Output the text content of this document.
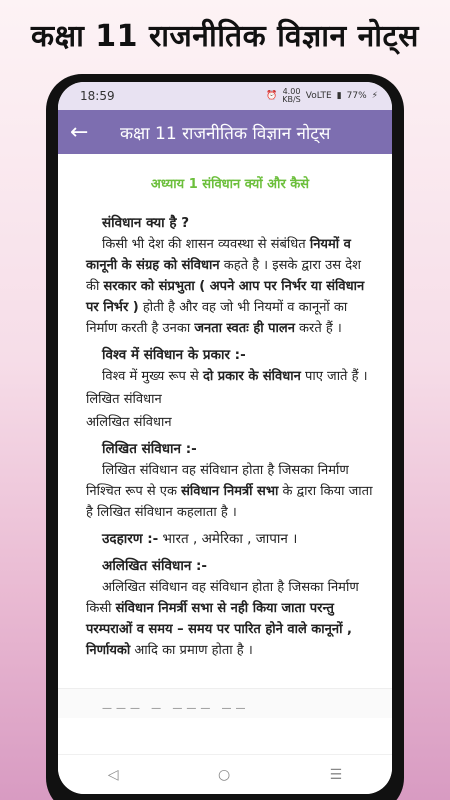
कक्षा 11 राजनीतिक विज्ञान नोट्स
18:59	⏰ 4.00
KB/S VoLTE ▮ 77% ⚡
←	कक्षा 11 राजनीतिक विज्ञान नोट्स
अध्याय 1 संविधान क्यों और कैसे
संविधान क्या है ?
किसी भी देश की शासन व्यवस्था से संबंधित नियमों व कानूनी के संग्रह को संविधान कहते है । इसके द्वारा उस देश की सरकार को संप्रभुता ( अपने आप पर निर्भर या संविधान पर निर्भर ) होती है और वह जो भी नियमों व कानूनों का निर्माण करती है उनका जनता स्वतः ही पालन करते हैं ।
विश्व में संविधान के प्रकार :-
विश्व में मुख्य रूप से दो प्रकार के संविधान पाए जाते हैं ।
लिखित संविधान
अलिखित संविधान
लिखित संविधान :-
लिखित संविधान वह संविधान होता है जिसका निर्माण निश्चित रूप से एक संविधान निमर्त्री सभा के द्वारा किया जाता है लिखित संविधान कहलाता है ।
उदहारण :- भारत , अमेरिका , जापान ।
अलिखित संविधान :-
अलिखित संविधान वह संविधान होता है जिसका निर्माण किसी संविधान निमर्त्री सभा से नही किया जाता परन्तु परम्पराओं व समय – समय पर पारित होने वाले कानूनों , निर्णायको आदि का प्रमाण होता है ।
——— — ——— ——
◁	○	☰
